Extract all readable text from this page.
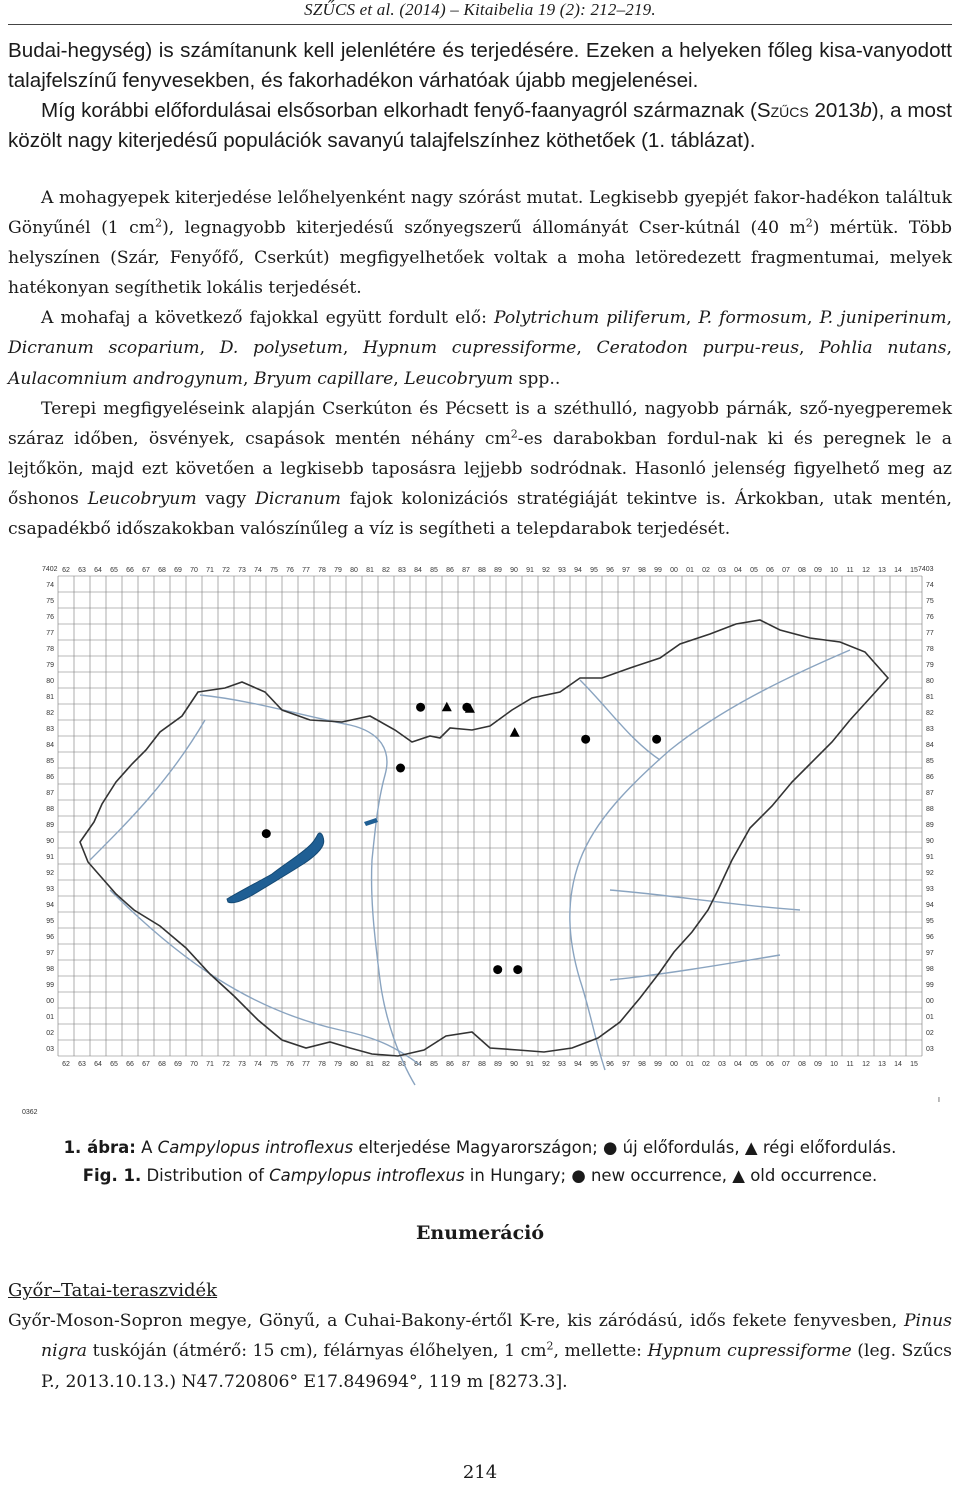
SZŰCS et al. (2014) – Kitaibelia 19 (2): 212–219.

Budai-hegység) is számítanunk kell jelenlétére és terjedésére. Ezeken a helyeken főleg kisa-vanyodott talajfelszínű fenyvesekben, és fakorhadékon várhatóak újabb megjelenései.

Míg korábbi előfordulásai elsősorban elkorhadt fenyő-faanyagról származnak (Szűcs 2013b), a most közölt nagy kiterjedésű populációk savanyú talajfelszínhez köthetőek (1. táblázat).

A mohagyepek kiterjedése lelőhelyenként nagy szórást mutat. Legkisebb gyepjét fakor-hadékon találtuk Gönyűnél (1 $cm^2$), legnagyobb kiterjedésű szőnyegszerű állományát Cser-kútnál (40 $m^2$) mértük. Több helyszínen (Szár, Fenyőfő, Cserkút) megfigyelhetőek voltak a moha letöredezett fragmentumai, melyek hatékonyan segíthetik lokális terjedését.

A mohafaj a következő fajokkal együtt fordult elő: Polytrichum piliferum, P. formosum, P. juniperinum, Dicranum scoparium, D. polysetum, Hypnum cupressiforme, Ceratodon purpu-reus, Pohlia nutans, Aulacomnium androgynum, Bryum capillare, Leucobryum spp..

Terepi megfigyeléseink alapján Cserkúton és Pécsett is a széthulló, nagyobb párnák, sző-nyegperemek száraz időben, ösvények, csapások mentén néhány $cm^2-es$ darabokban fordul-nak ki és peregnek le a lejtőkön, majd ezt követően a legkisebb taposásra lejjebb sodródnak. Hasonló jelenség figyelhető meg az őshonos Leucobryum vagy Dicranum fajok kolonizációs stratégiáját tekintve is. Árkokban, utak mentén, csapadékbő időszakokban valószínűleg a víz is segítheti a telepdarabok terjedését.

62 63 64 65 66 67 68 69 70 71 72 73 74 75 76 77 78 79 80 81 82 83 84 85 86 87 88 89 90 91 92 93 94 95 96 97 98 99 00 01 02 03 04 05 06 07 08 09 10 11 12 13 14 15
62 63 64 65 66 67 68 69 70 71 72 73 74 75 76 77 78 79 80 81 82 83 84 85 86 87 88 89 90 91 92 93 94 95 96 97 98 99 00 01 02 03 04 05 06 07 08 09 10 11 12 13 14 15
74	74
75	75
76	76
77	77
78	78
79	79
80	80
81	81
82	82
83	83
84	84
85	85
86	86
87	87
88	88
89	89
90	90
91	91
92	92
93	93
94	94
95	95
96	96
97	97
98	98
99	99
00	00
01	01
02	02
03	03
7402	7403
0362
I
1. ábra: A Campylopus introflexus elterjedése Magyarországon; ● új előfordulás, ▲ régi előfordulás.
Fig. 1. Distribution of Campylopus introflexus in Hungary; ● new occurrence, ▲ old occurrence.
Enumeráció
Győr–Tatai-teraszvidék
Győr-Moson-Sopron megye, Gönyű, a Cuhai-Bakony-értől K-re, kis záródású, idős fekete fenyvesben, Pinus nigra tuskóján (átmérő: 15 cm), félárnyas élőhelyen, 1 $cm^2$, mellette: Hypnum cupressiforme (leg. Szűcs P., 2013.10.13.) N47.720806° E17.849694°, 119 m [8273.3].
214
